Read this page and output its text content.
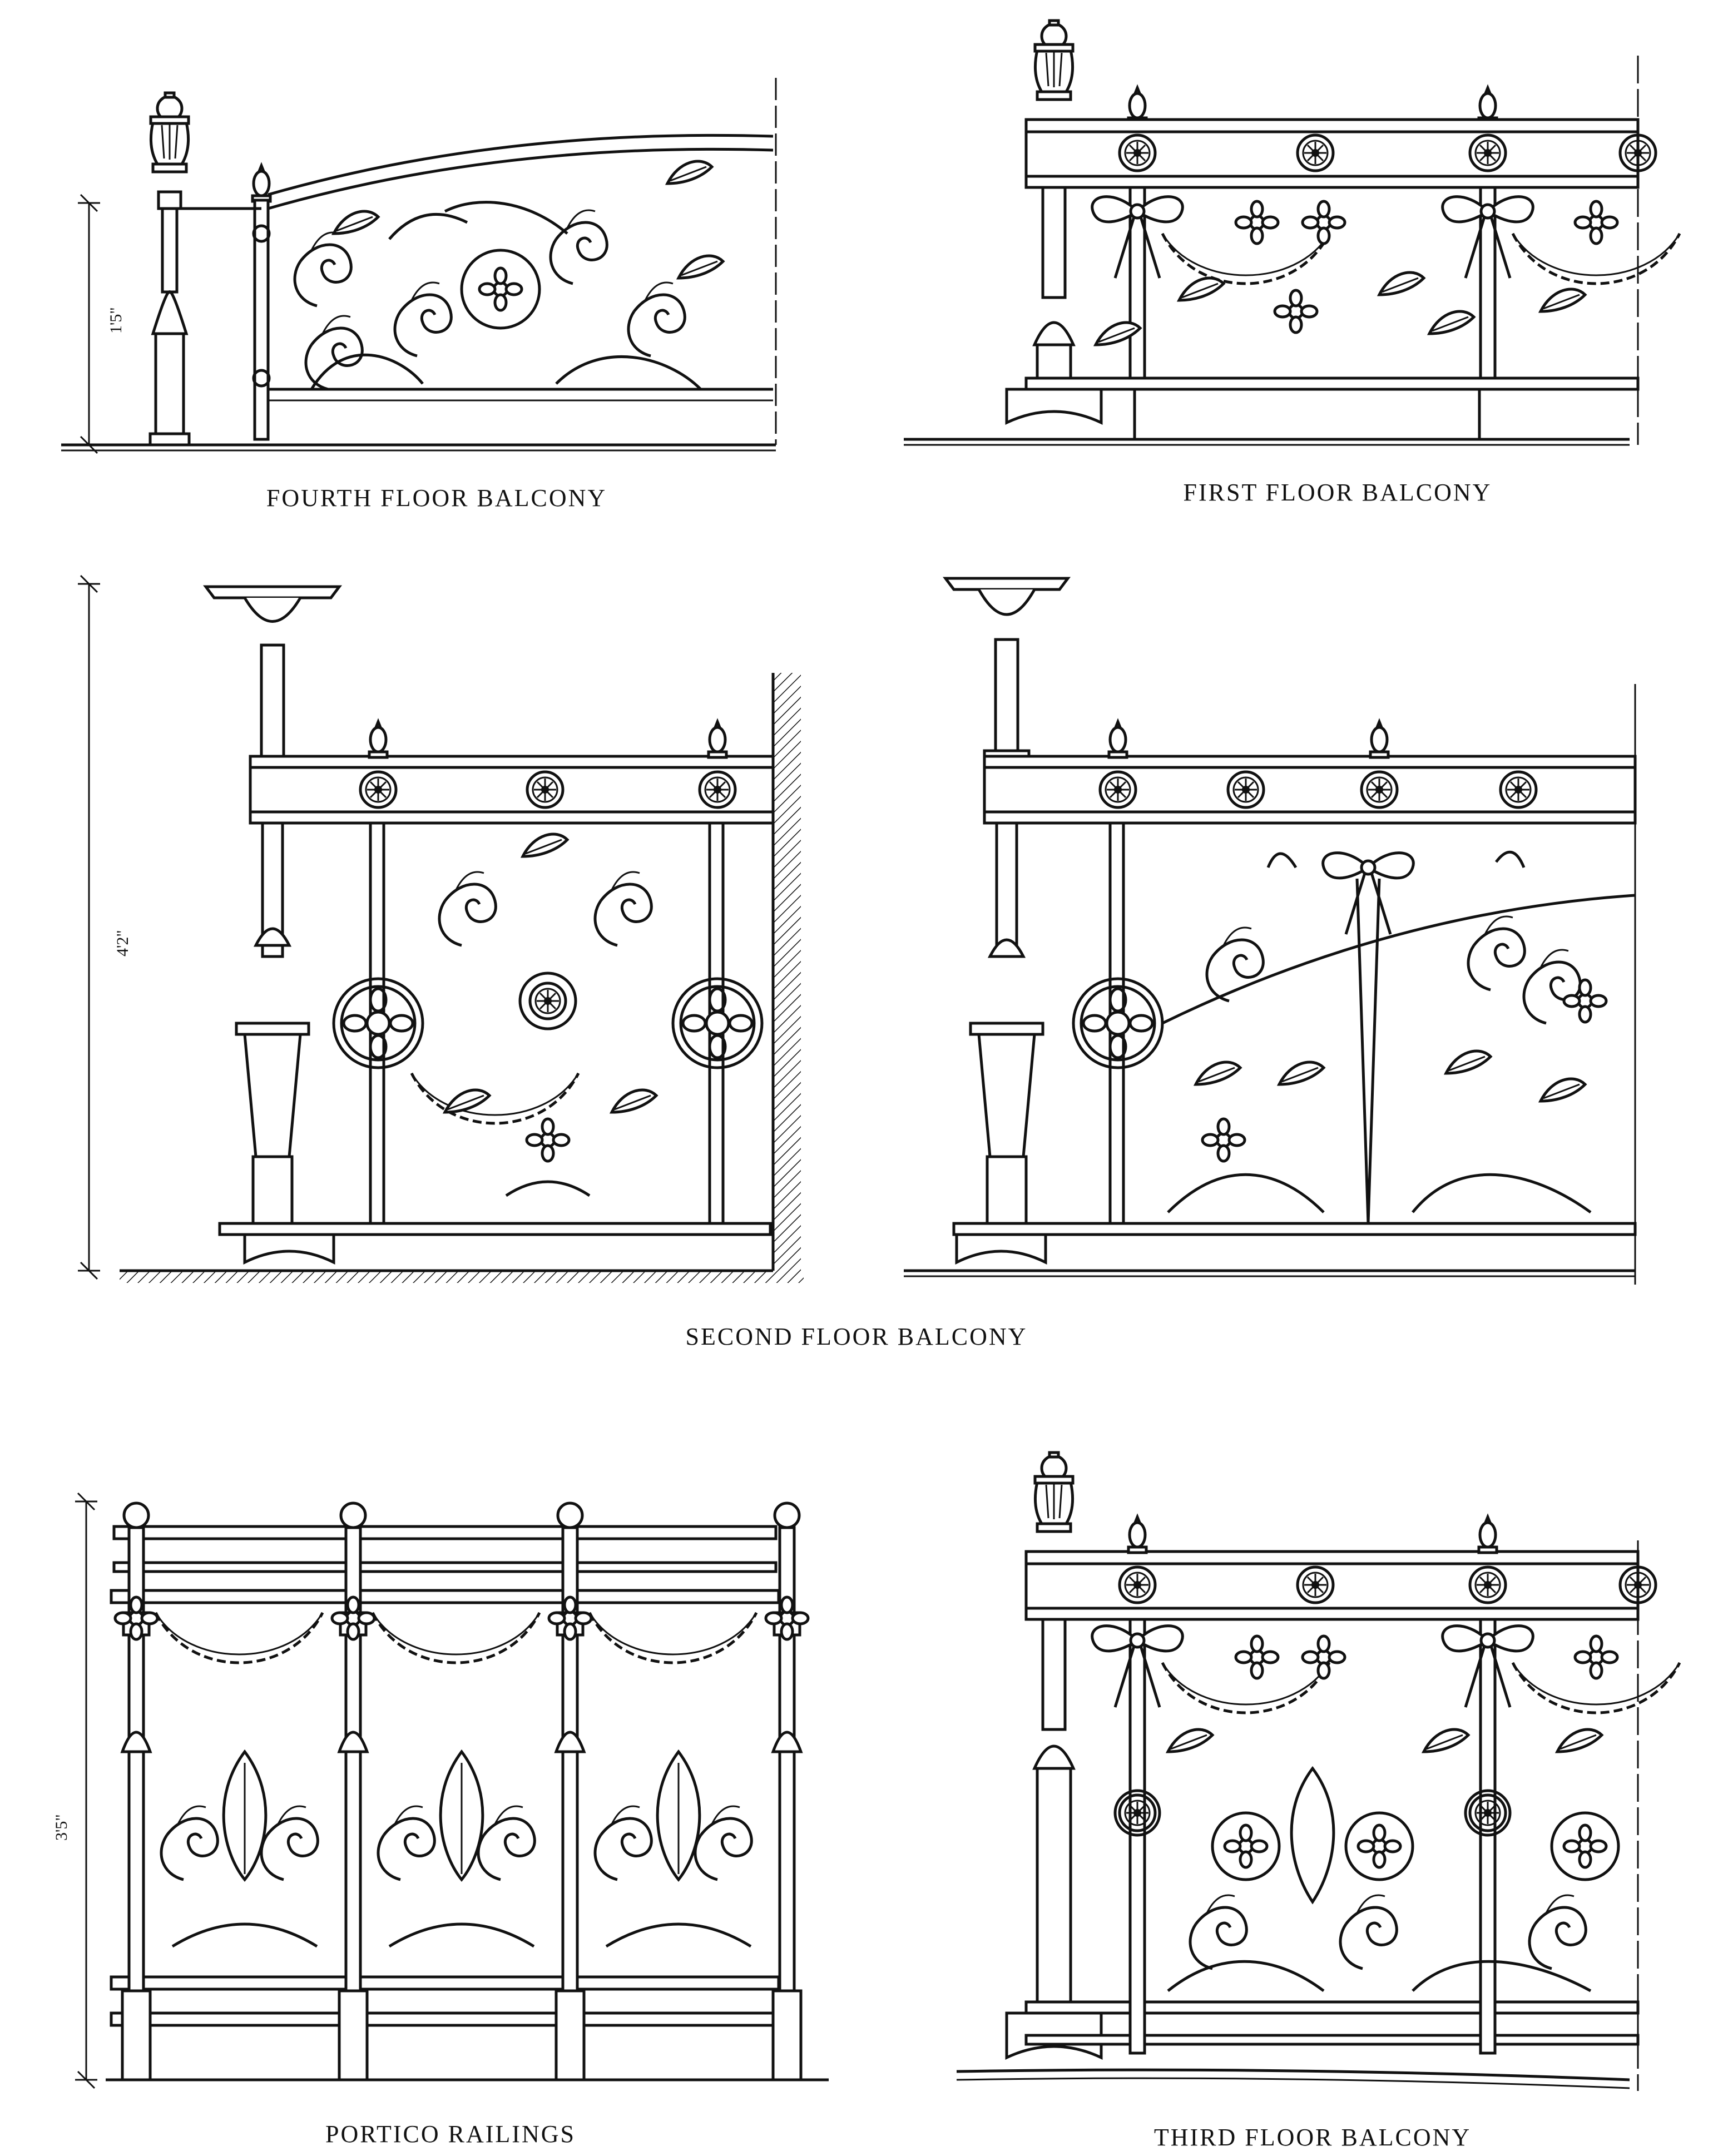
1'5"
FOURTH FLOOR BALCONY	FIRST FLOOR BALCONY
4'2"
SECOND FLOOR BALCONY
3'5"
PORTICO RAILINGS	THIRD FLOOR BALCONY
